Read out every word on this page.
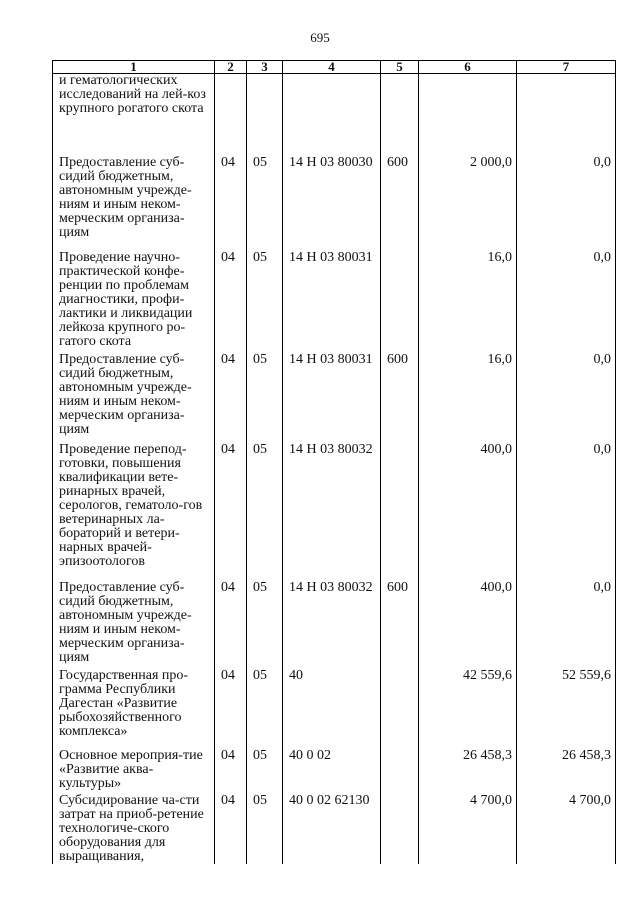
695
1	2	3	4	5	6	7
и гематологических исследований на лей-коз крупного рогатого скота						
Предоставление суб-сидий бюджетным, автономным учрежде-ниям и иным неком-мерческим организа-циям	04	05	14 Н 03 80030	600	2 000,0	0,0
Проведение научно-практической конфе-ренции по проблемам диагностики, профи-лактики и ликвидации лейкоза крупного ро-гатого скота	04	05	14 Н 03 80031		16,0	0,0
Предоставление суб-сидий бюджетным, автономным учрежде-ниям и иным неком-мерческим организа-циям	04	05	14 Н 03 80031	600	16,0	0,0
Проведение перепод-готовки, повышения квалификации вете-ринарных врачей, серологов, гематоло-гов ветеринарных ла-бораторий и ветери-нарных врачей-эпизоотологов	04	05	14 Н 03 80032		400,0	0,0
Предоставление суб-сидий бюджетным, автономным учрежде-ниям и иным неком-мерческим организа-циям	04	05	14 Н 03 80032	600	400,0	0,0
Государственная про-грамма Республики Дагестан «Развитие рыбохозяйственного комплекса»	04	05	40		42 559,6	52 559,6
Основное мероприя-тие «Развитие аква-культуры»	04	05	40 0 02		26 458,3	26 458,3
Субсидирование ча-сти затрат на приоб-ретение технологиче-ского оборудования для выращивания,	04	05	40 0 02 62130		4 700,0	4 700,0
